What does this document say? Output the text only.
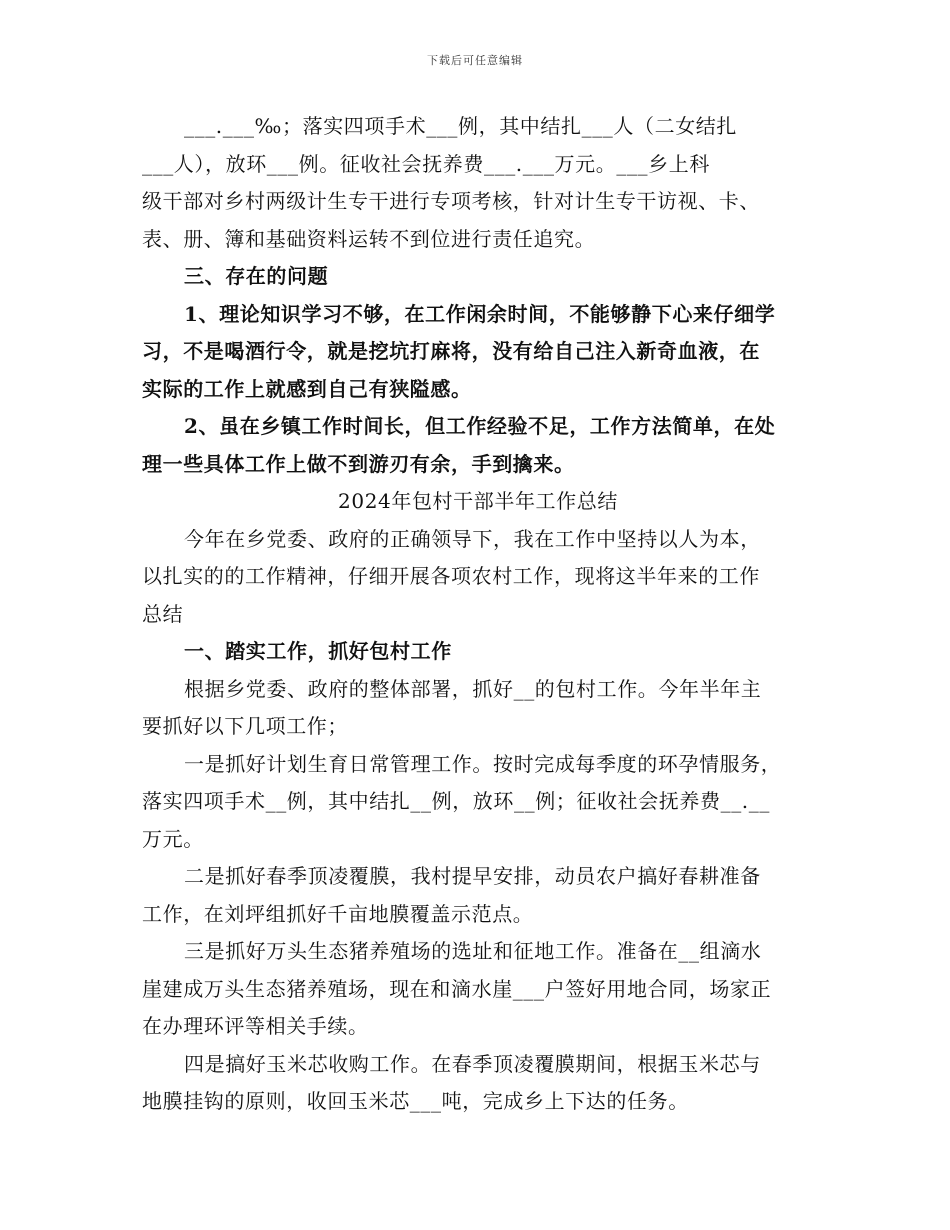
下载后可任意编辑
___.___‰；落实四项手术___例，其中结扎___人（二女结扎
___人），放环___例。征收社会抚养费___.___万元。___乡上科
级干部对乡村两级计生专干进行专项考核，针对计生专干访视、卡、
表、册、簿和基础资料运转不到位进行责任追究。
三、存在的问题
1、理论知识学习不够，在工作闲余时间，不能够静下心来仔细学
习，不是喝酒行令，就是挖坑打麻将，没有给自己注入新奇血液，在
实际的工作上就感到自己有狭隘感。
2、虽在乡镇工作时间长，但工作经验不足，工作方法简单，在处
理一些具体工作上做不到游刃有余，手到擒来。
2024年包村干部半年工作总结
今年在乡党委、政府的正确领导下，我在工作中坚持以人为本，
以扎实的的工作精神，仔细开展各项农村工作，现将这半年来的工作
总结
一、踏实工作，抓好包村工作
根据乡党委、政府的整体部署，抓好__的包村工作。今年半年主
要抓好以下几项工作；
一是抓好计划生育日常管理工作。按时完成每季度的环孕情服务，
落实四项手术__例，其中结扎__例，放环__例；征收社会抚养费__.__
万元。
二是抓好春季顶凌覆膜，我村提早安排，动员农户搞好春耕准备
工作，在刘坪组抓好千亩地膜覆盖示范点。
三是抓好万头生态猪养殖场的选址和征地工作。准备在__组滴水
崖建成万头生态猪养殖场，现在和滴水崖___户签好用地合同，场家正
在办理环评等相关手续。
四是搞好玉米芯收购工作。在春季顶凌覆膜期间，根据玉米芯与
地膜挂钩的原则，收回玉米芯___吨，完成乡上下达的任务。
